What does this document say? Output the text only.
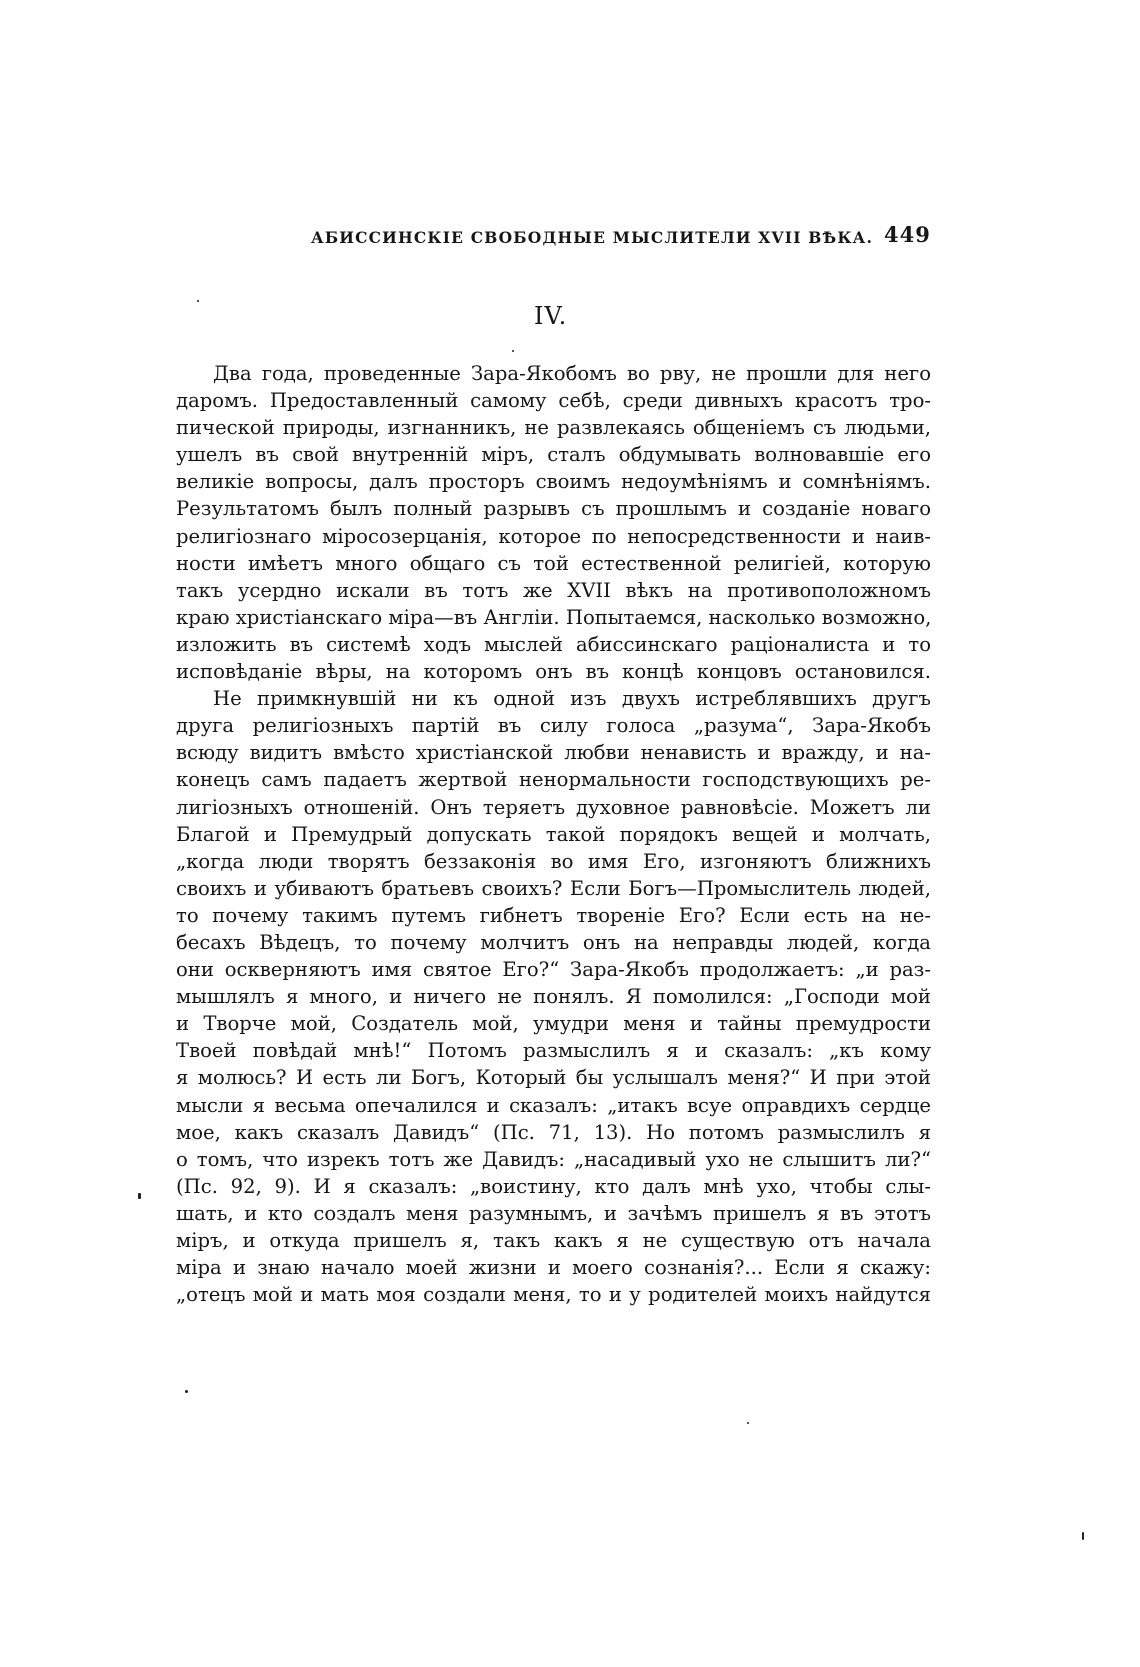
АБИССИНСКІЕ СВОБОДНЫЕ МЫСЛИТЕЛИ XVII ВѢКА. 449
IV.
Два года, проведенные Зара-Якобомъ во рву, не прошли для него
даромъ. Предоставленный самому себѣ, среди дивныхъ красотъ тро-
пической природы, изгнанникъ, не развлекаясь общеніемъ съ людьми,
ушелъ въ свой внутренній міръ, сталъ обдумывать волновавшіе его
великіе вопросы, далъ просторъ своимъ недоумѣніямъ и сомнѣніямъ.
Результатомъ былъ полный разрывъ съ прошлымъ и созданіе новаго
религіознаго міросозерцанія, которое по непосредственности и наив-
ности имѣетъ много общаго съ той естественной религіей, которую
такъ усердно искали въ тотъ же XVII вѣкъ на противоположномъ
краю христіанскаго міра—въ Англіи. Попытаемся, насколько возможно,
изложить въ системѣ ходъ мыслей абиссинскаго раціоналиста и то
исповѣданіе вѣры, на которомъ онъ въ концѣ концовъ остановился.
Не примкнувшій ни къ одной изъ двухъ истреблявшихъ другъ
друга религіозныхъ партій въ силу голоса „разума“, Зара-Якобъ
всюду видитъ вмѣсто христіанской любви ненависть и вражду, и на-
конецъ самъ падаетъ жертвой ненормальности господствующихъ ре-
лигіозныхъ отношеній. Онъ теряетъ духовное равновѣсіе. Можетъ ли
Благой и Премудрый допускать такой порядокъ вещей и молчать,
„когда люди творятъ беззаконія во имя Его, изгоняютъ ближнихъ
своихъ и убиваютъ братьевъ своихъ? Если Богъ—Промыслитель людей,
то почему такимъ путемъ гибнетъ твореніе Его? Если есть на не-
бесахъ Вѣдецъ, то почему молчитъ онъ на неправды людей, когда
они оскверняютъ имя святое Его?“ Зара-Якобъ продолжаетъ: „и раз-
мышлялъ я много, и ничего не понялъ. Я помолился: „Господи мой
и Творче мой, Создатель мой, умудри меня и тайны премудрости
Твоей повѣдай мнѣ!“ Потомъ размыслилъ я и сказалъ: „къ кому
я молюсь? И есть ли Богъ, Который бы услышалъ меня?“ И при этой
мысли я весьма опечалился и сказалъ: „итакъ всуе оправдихъ сердце
мое, какъ сказалъ Давидъ“ (Пс. 71, 13). Но потомъ размыслилъ я
о томъ, что изрекъ тотъ же Давидъ: „насадивый ухо не слышитъ ли?“
(Пс. 92, 9). И я сказалъ: „воистину, кто далъ мнѣ ухо, чтобы слы-
шать, и кто создалъ меня разумнымъ, и зачѣмъ пришелъ я въ этотъ
міръ, и откуда пришелъ я, такъ какъ я не существую отъ начала
міра и знаю начало моей жизни и моего сознанія?... Если я скажу:
„отецъ мой и мать моя создали меня, то и у родителей моихъ найдутся
